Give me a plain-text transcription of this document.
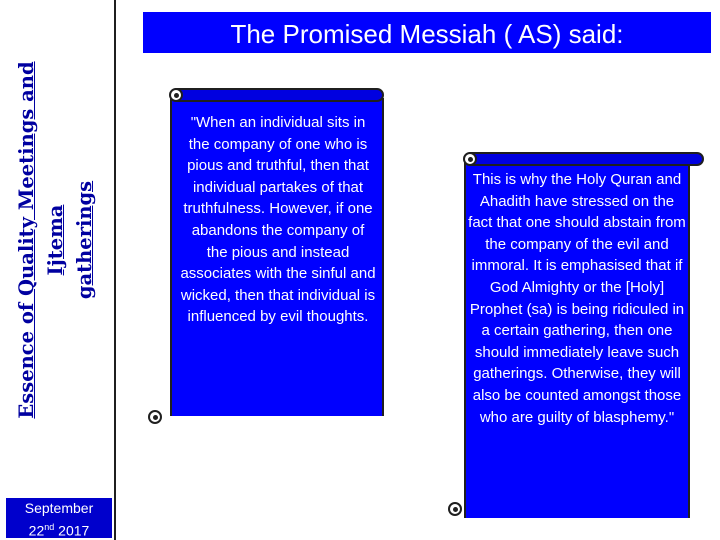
Essence of Quality Meetings and Ijtema
gatherings
September
22nd 2017
The Promised Messiah ( AS) said:
"When an individual sits in the company of one who is pious and truthful, then that individual partakes of that truthfulness. However, if one abandons the company of the pious and instead associates with the sinful and wicked, then that individual is influenced by evil thoughts.
This is why the Holy Quran and Ahadith have stressed on the fact that one should abstain from the company of the evil and immoral. It is emphasised that if God Almighty or the [Holy] Prophet (sa) is being ridiculed in a certain gathering, then one should immediately leave such gatherings. Otherwise, they will also be counted amongst those who are guilty of blasphemy."
